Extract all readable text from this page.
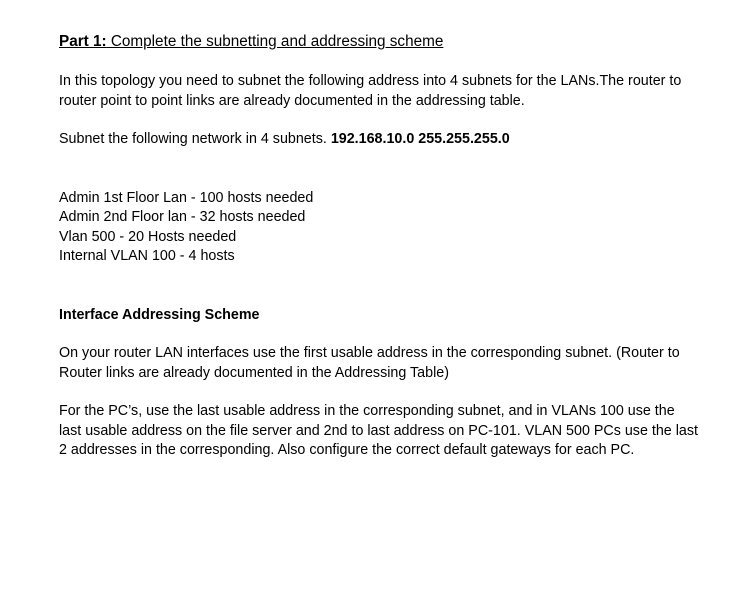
Part 1: Complete the subnetting and addressing scheme

In this topology you need to subnet the following address into 4 subnets for the LANs.The router to router point to point links are already documented in the addressing table.

Subnet the following network in 4 subnets. 192.168.10.0 255.255.255.0

Admin 1st Floor Lan - 100 hosts needed
Admin 2nd Floor lan - 32 hosts needed
Vlan 500 - 20 Hosts needed
Internal VLAN 100 - 4 hosts

Interface Addressing Scheme

On your router LAN interfaces use the first usable address in the corresponding subnet. (Router to Router links are already documented in the Addressing Table)

For the PC’s, use the last usable address in the corresponding subnet, and in VLANs 100 use the last usable address on the file server and 2nd to last address on PC-101. VLAN 500 PCs use the last 2 addresses in the corresponding. Also configure the correct default gateways for each PC.
